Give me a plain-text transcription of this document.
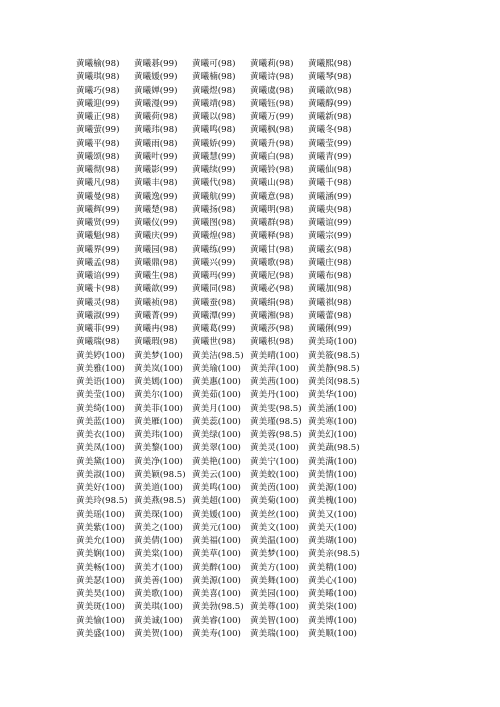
黄曦榆(98)	黄曦碁(99)	黄曦可(98)	黄曦莉(98)	黄曦熙(98)
黄曦琪(98)	黄曦媛(99)	黄曦楠(98)	黄曦诗(98)	黄曦琴(98)
黄曦巧(98)	黄曦婵(99)	黄曦煜(98)	黄曦虞(98)	黄曦歆(98)
黄曦迎(99)	黄曦漫(99)	黄曦靖(98)	黄曦钰(98)	黄曦醇(99)
黄曦正(98)	黄曦荷(98)	黄曦以(98)	黄曦万(99)	黄曦新(98)
黄曦萤(99)	黄曦玮(98)	黄曦鸣(98)	黄曦枫(98)	黄曦冬(98)
黄曦平(98)	黄曦雨(98)	黄曦娇(99)	黄曦升(98)	黄曦莹(99)
黄曦颂(98)	黄曦叶(99)	黄曦慧(99)	黄曦白(98)	黄曦青(99)
黄曦彻(98)	黄曦影(99)	黄曦续(99)	黄曦铃(98)	黄曦仙(98)
黄曦凡(98)	黄曦丰(98)	黄曦代(98)	黄曦山(98)	黄曦千(98)
黄曦曼(98)	黄曦逸(99)	黄曦航(99)	黄曦意(98)	黄曦涵(99)
黄曦辉(99)	黄曦楚(98)	黄曦扬(98)	黄曦明(98)	黄曦央(98)
黄曦贤(99)	黄曦仪(99)	黄曦图(98)	黄曦群(98)	黄曦谊(99)
黄曦魁(98)	黄曦庆(99)	黄曦煌(98)	黄曦释(98)	黄曦宗(99)
黄曦界(99)	黄曦园(98)	黄曦练(99)	黄曦甘(98)	黄曦玄(98)
黄曦孟(98)	黄曦鼎(98)	黄曦兴(99)	黄曦歌(98)	黄曦庄(98)
黄曦谙(99)	黄曦生(98)	黄曦玛(99)	黄曦尼(98)	黄曦布(98)
黄曦卡(98)	黄曦歆(99)	黄曦同(98)	黄曦必(98)	黄曦加(98)
黄曦灵(98)	黄曦祯(98)	黄曦蚕(98)	黄曦绢(98)	黄曦祺(98)
黄曦淑(99)	黄曦菁(99)	黄曦潭(99)	黄曦湘(98)	黄曦蕾(98)
黄曦菲(99)	黄曦冉(98)	黄曦葛(99)	黄曦莎(98)	黄曦俐(99)
黄曦瑞(98)	黄曦瑕(98)	黄曦世(98)	黄曦枳(98)	黄美琦(100)
黄美婷(100)	黄美梦(100)	黄美洁(98.5) 黄美晴(100)	黄美筱(98.5)
黄美雅(100)	黄美岚(100)	黄美瑜(100)	黄美萍(100)	黄美静(98.5)
黄美语(100)	黄美嫣(100)	黄美惠(100)	黄美茜(100)	黄美闵(98.5)
黄美莹(100)	黄美尔(100)	黄美茹(100)	黄美丹(100)	黄美华(100)
黄美绮(100)	黄美菲(100)	黄美月(100)	黄美雯(98.5) 黄美涵(100)
黄美蓝(100)	黄美雁(100)	黄美蕊(100)	黄美瑾(98.5) 黄美寒(100)
黄美衣(100)	黄美玮(100)	黄美绿(100)	黄美蓉(98.5) 黄美幻(100)
黄美凤(100)	黄美黎(100)	黄美翠(100)	黄美灵(100)	黄美蔬(98.5)
黄美黛(100)	黄美净(100)	黄美艳(100)	黄美宁(100)	黄美满(100)
黄美淑(100)	黄美颖(98.5) 黄美云(100)	黄美蛟(100)	黄美情(100)
黄美好(100)	黄美道(100)	黄美鸣(100)	黄美茵(100)	黄美源(100)
黄美玲(98.5) 黄美燕(98.5) 黄美超(100)	黄美菊(100)	黄美槐(100)
黄美瑶(100)	黄美琛(100)	黄美媛(100)	黄美丝(100)	黄美又(100)
黄美紫(100)	黄美之(100)	黄美元(100)	黄美文(100)	黄美天(100)
黄美允(100)	黄美倩(100)	黄美福(100)	黄美温(100)	黄美瑚(100)
黄美娴(100)	黄美棠(100)	黄美草(100)	黄美梦(100)	黄美亲(98.5)
黄美畅(100)	黄美才(100)	黄美醉(100)	黄美方(100)	黄美精(100)
黄美瑟(100)	黄美善(100)	黄美源(100)	黄美舞(100)	黄美心(100)
黄美昊(100)	黄美歌(100)	黄美喜(100)	黄美园(100)	黄美晞(100)
黄美斑(100)	黄美琪(100)	黄美勃(98.5) 黄美尊(100)	黄美柒(100)
黄美愉(100)	黄美诚(100)	黄美睿(100)	黄美智(100)	黄美博(100)
黄美盛(100)	黄美贺(100)	黄美寿(100)	黄美瑞(100)	黄美顺(100)
